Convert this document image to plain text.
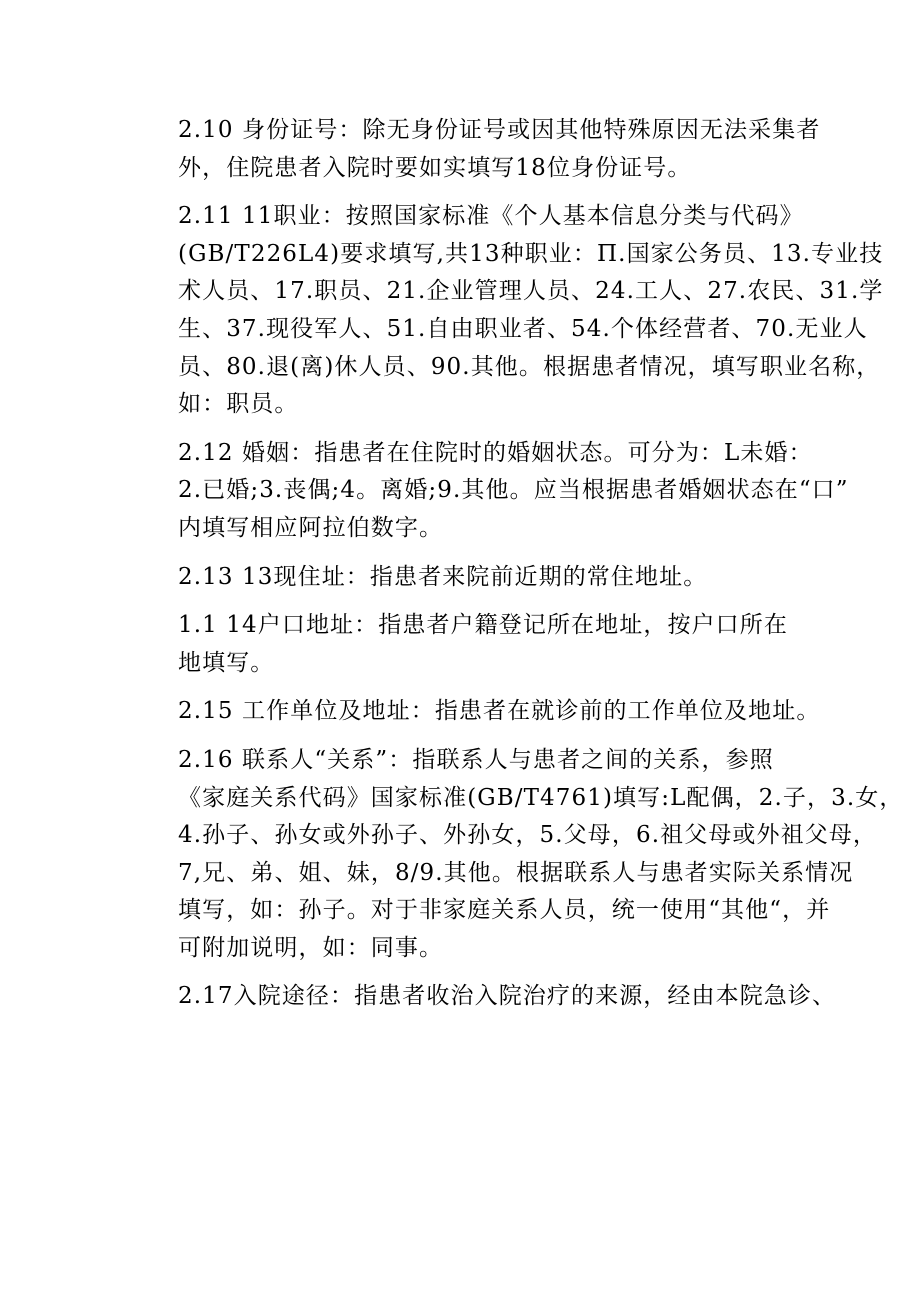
2.10 身份证号：除无身份证号或因其他特殊原因无法采集者
外，住院患者入院时要如实填写18位身份证号。

2.11 11职业：按照国家标准《个人基本信息分类与代码》
(GB/T226L4)要求填写,共13种职业：Π.国家公务员、13.专业技
术人员、17.职员、21.企业管理人员、24.工人、27.农民、31.学
生、37.现役军人、51.自由职业者、54.个体经营者、70.无业人
员、80.退(离)休人员、90.其他。根据患者情况，填写职业名称，
如：职员。

2.12 婚姻：指患者在住院时的婚姻状态。可分为：L未婚：
2.已婚;3.丧偶;4。离婚;9.其他。应当根据患者婚姻状态在“口”
内填写相应阿拉伯数字。

2.13 13现住址：指患者来院前近期的常住地址。

1.1 14户口地址：指患者户籍登记所在地址，按户口所在
地填写。

2.15 工作单位及地址：指患者在就诊前的工作单位及地址。

2.16 联系人“关系”：指联系人与患者之间的关系，参照
《家庭关系代码》国家标准(GB/T4761)填写:L配偶，2.子，3.女，
4.孙子、孙女或外孙子、外孙女，5.父母，6.祖父母或外祖父母，
7,兄、弟、姐、妹，8/9.其他。根据联系人与患者实际关系情况
填写，如：孙子。对于非家庭关系人员，统一使用“其他“，并
可附加说明，如：同事。

2.17入院途径：指患者收治入院治疗的来源，经由本院急诊、
